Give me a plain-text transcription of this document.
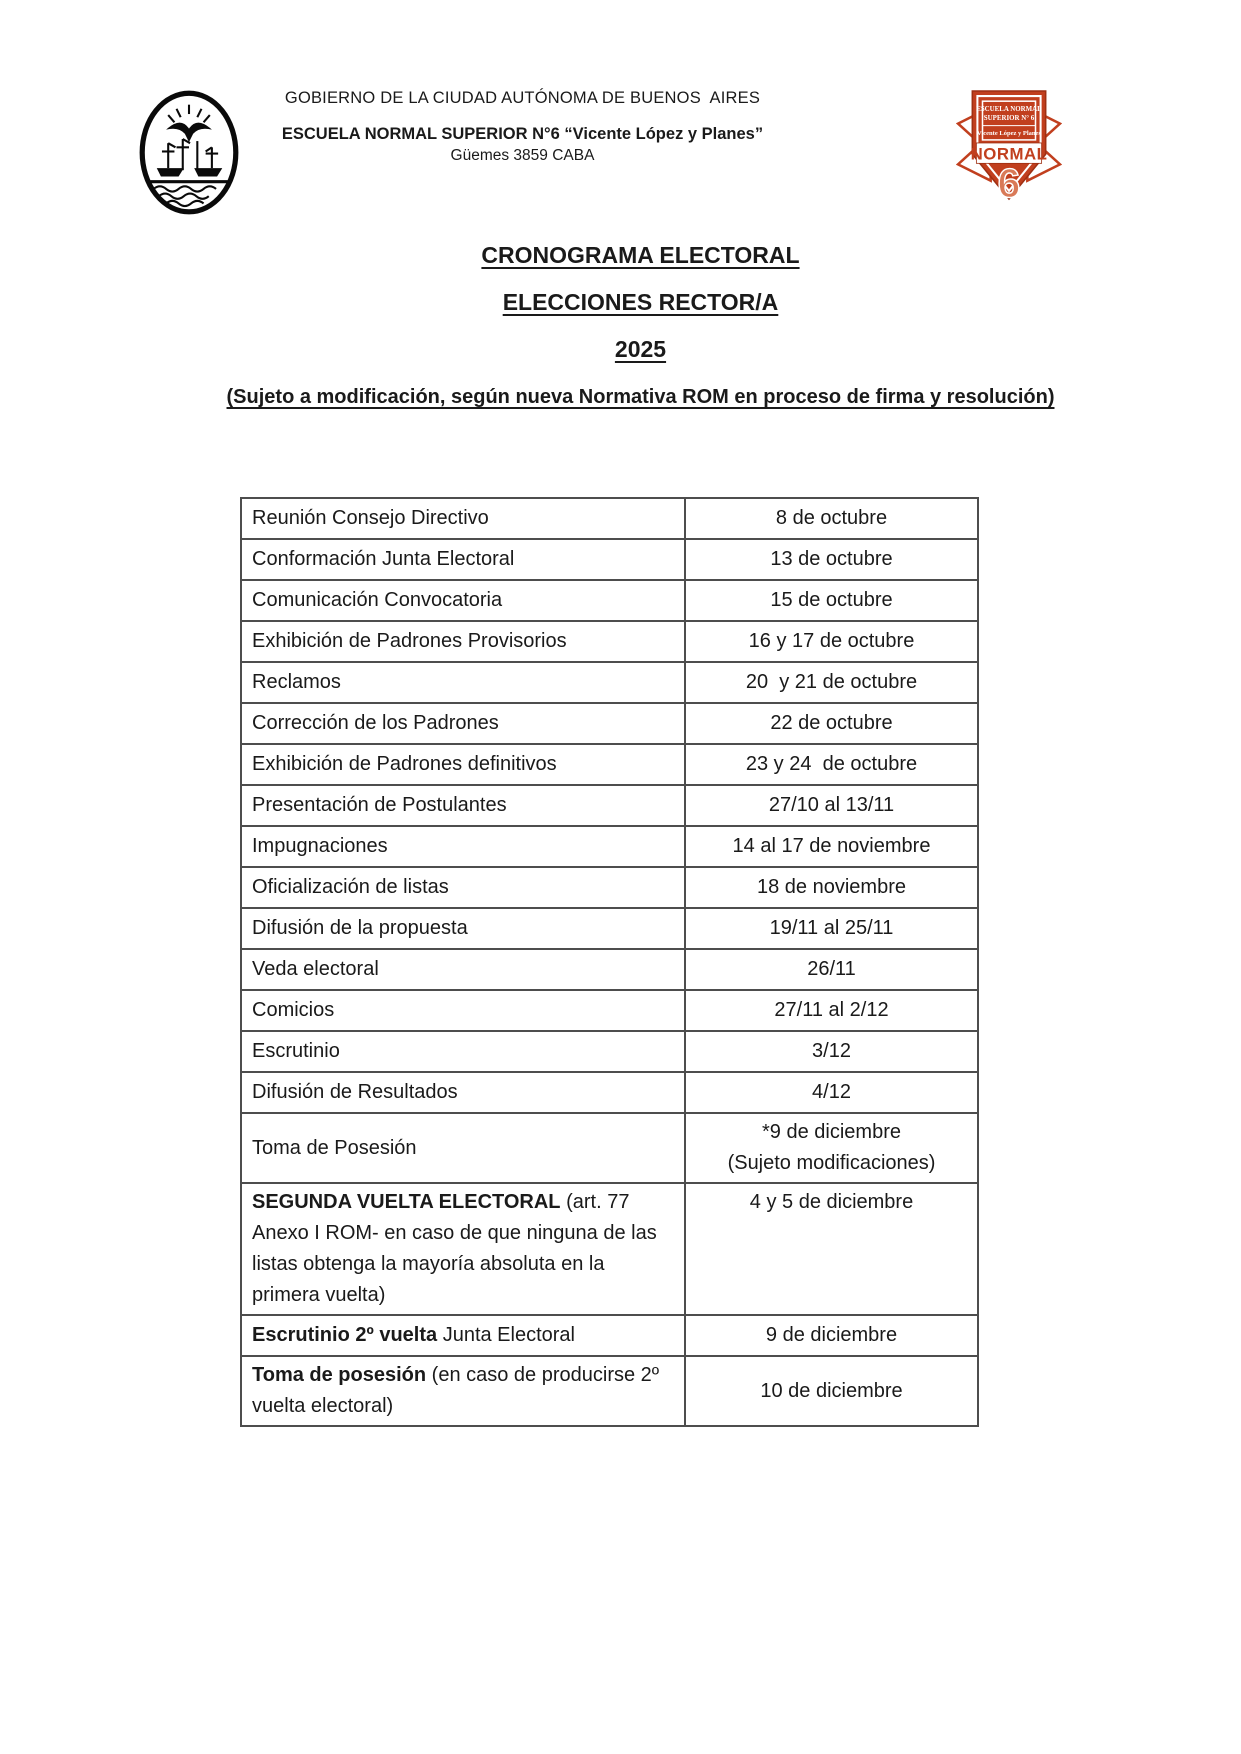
GOBIERNO DE LA CIUDAD AUTÓNOMA DE BUENOS  AIRES
ESCUELA NORMAL SUPERIOR N°6 “Vicente López y Planes”
Güemes 3859 CABA
ESCUELA NORMAL
SUPERIOR N° 6
Vicente López y Planes
NORMAL
6
CRONOGRAMA ELECTORAL
ELECCIONES RECTOR/A
2025
(Sujeto a modificación, según nueva Normativa ROM en proceso de firma y resolución)
Reunión Consejo Directivo	8 de octubre

Conformación Junta Electoral	13 de octubre

Comunicación Convocatoria	15 de octubre

Exhibición de Padrones Provisorios	16 y 17 de octubre

Reclamos	20  y 21 de octubre

Corrección de los Padrones	22 de octubre

Exhibición de Padrones definitivos	23 y 24  de octubre

Presentación de Postulantes	27/10 al 13/11

Impugnaciones	14 al 17 de noviembre

Oficialización de listas	18 de noviembre

Difusión de la propuesta	19/11 al 25/11

Veda electoral	26/11

Comicios	27/11 al 2/12

Escrutinio	3/12

Difusión de Resultados	4/12

Toma de Posesión	*9 de diciembre
(Sujeto modificaciones)

SEGUNDA VUELTA ELECTORAL (art. 77 Anexo I ROM- en caso de que ninguna de las listas obtenga la mayoría absoluta en la primera vuelta)	4 y 5 de diciembre

Escrutinio 2º vuelta Junta Electoral	9 de diciembre

Toma de posesión (en caso de producirse 2º vuelta electoral)	10 de diciembre
